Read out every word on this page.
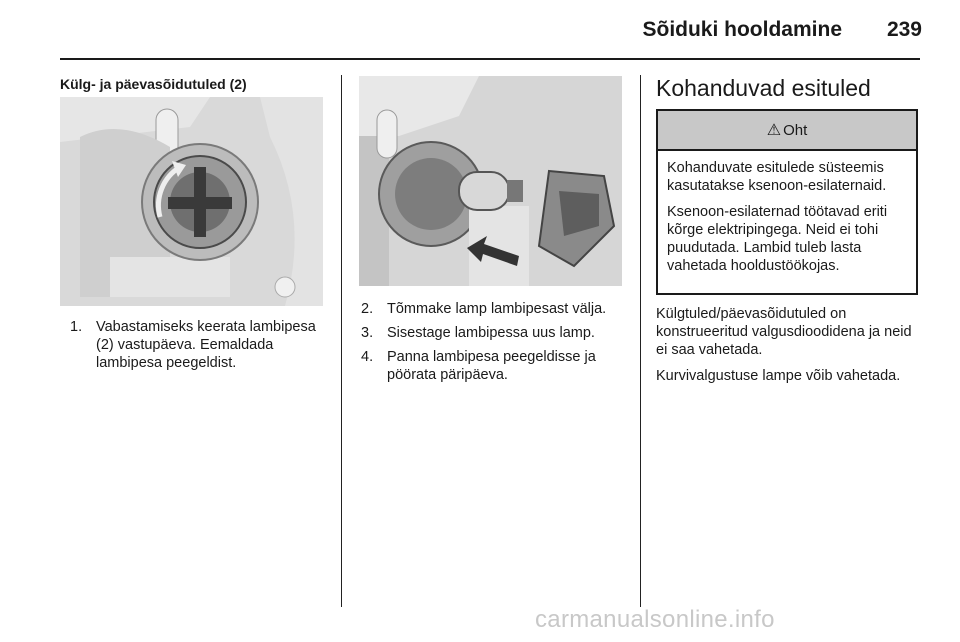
Sõiduki hooldamine	239
Külg- ja päevasõidutuled (2)
1. Vabastamiseks keerata lambipesa (2) vastupäeva. Eemaldada lambipesa peegeldist.
2. Tõmmake lamp lambipesast välja.
3. Sisestage lambipessa uus lamp.
4. Panna lambipesa peegeldisse ja pöörata päripäeva.
Kohanduvad esituled
⚠ Oht

Kohanduvate esitulede süsteemis kasutatakse ksenoon-esilaternaid.

Ksenoon-esilaternad töötavad eriti kõrge elektripingega. Neid ei tohi puudutada. Lambid tuleb lasta vahetada hooldustöökojas.

Külgtuled/päevasõidutuled on konstrueeritud valgusdioodidena ja neid ei saa vahetada.

Kurvivalgustuse lampe võib vahetada.

carmanualsonline.info
